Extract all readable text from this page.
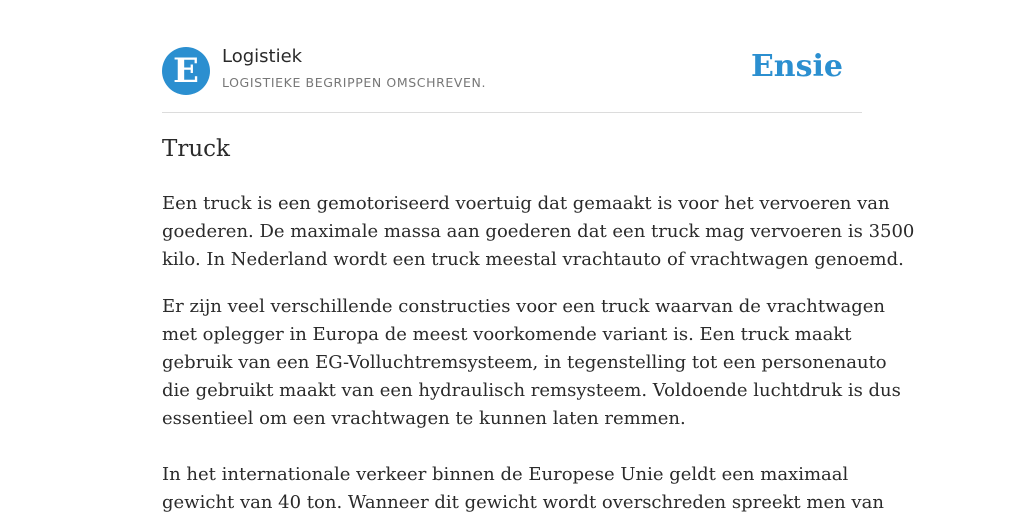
E	Logistiek
LOGISTIEKE BEGRIPPEN OMSCHREVEN.	Ensie
Truck

Een truck is een gemotoriseerd voertuig dat gemaakt is voor het vervoeren van
goederen. De maximale massa aan goederen dat een truck mag vervoeren is 3500
kilo. In Nederland wordt een truck meestal vrachtauto of vrachtwagen genoemd.

Er zijn veel verschillende constructies voor een truck waarvan de vrachtwagen
met oplegger in Europa de meest voorkomende variant is. Een truck maakt
gebruik van een EG-Volluchtremsysteem, in tegenstelling tot een personenauto
die gebruikt maakt van een hydraulisch remsysteem. Voldoende luchtdruk is dus
essentieel om een vrachtwagen te kunnen laten remmen.

In het internationale verkeer binnen de Europese Unie geldt een maximaal
gewicht van 40 ton. Wanneer dit gewicht wordt overschreden spreekt men van
